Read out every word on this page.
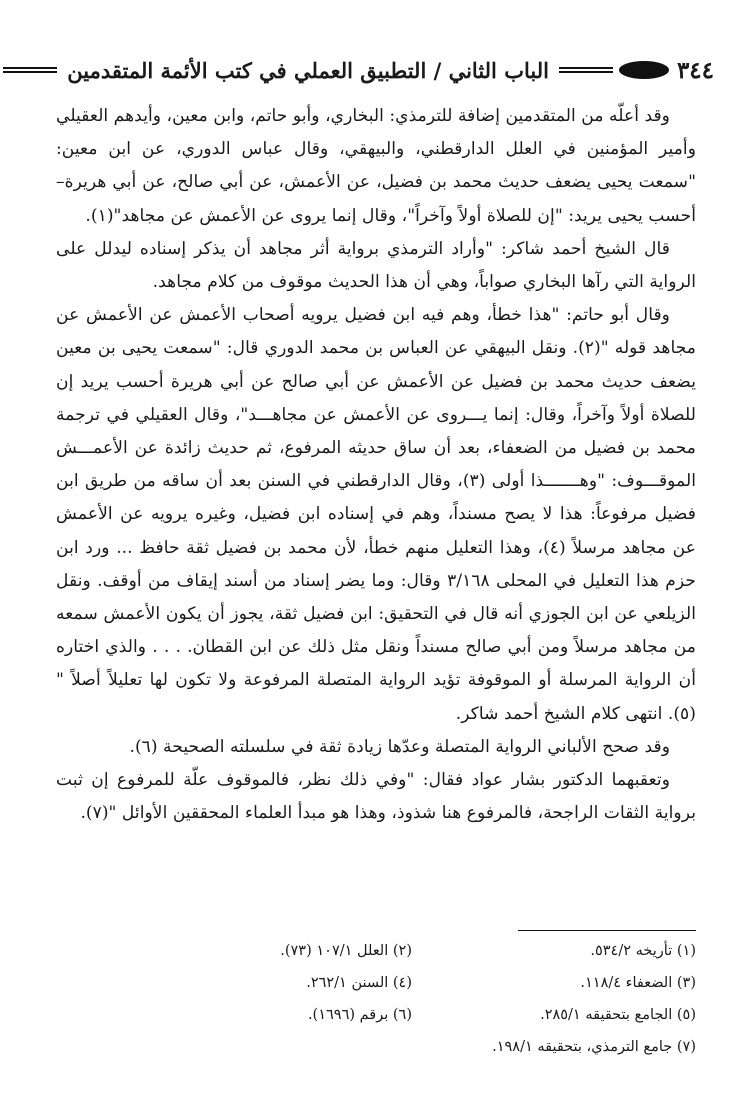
٣٤٤
الباب الثاني / التطبيق العملي في كتب الأئمة المتقدمين

وقد أعلّه من المتقدمين إضافة للترمذي: البخاري، وأبو حاتم، وابن معين، وأيدهم العقيلي وأمير المؤمنين في العلل الدارقطني، والبيهقي، وقال عباس الدوري، عن ابن معين: "سمعت يحيى يضعف حديث محمد بن فضيل، عن الأعمش، عن أبي صالح، عن أبي هريرة– أحسب يحيى يريد: "إن للصلاة أولاً وآخراً"، وقال إنما يروى عن الأعمش عن مجاهد"(١).

قال الشيخ أحمد شاكر: "وأراد الترمذي برواية أثر مجاهد أن يذكر إسناده ليدلل على الرواية التي رآها البخاري صواباً، وهي أن هذا الحديث موقوف من كلام مجاهد.

وقال أبو حاتم: "هذا خطأ، وهم فيه ابن فضيل يرويه أصحاب الأعمش عن الأعمش عن مجاهد قوله "(٢). ونقل البيهقي عن العباس بن محمد الدوري قال: "سمعت يحيى بن معين يضعف حديث محمد بن فضيل عن الأعمش عن أبي صالح عن أبي هريرة أحسب يريد إن للصلاة أولاً وآخراً، وقال: إنما يـــروى عن الأعمش عن مجاهـــد"، وقال العقيلي في ترجمة محمد بن فضيل من الضعفاء، بعد أن ساق حديثه المرفوع، ثم حديث زائدة عن الأعمـــش الموقـــوف: "وهـــــــذا أولى (٣)، وقال الدارقطني في السنن بعد أن ساقه من طريق ابن فضيل مرفوعاً: هذا لا يصح مسنداً، وهم في إسناده ابن فضيل، وغيره يرويه عن الأعمش عن مجاهد مرسلاً (٤)، وهذا التعليل منهم خطأ، لأن محمد بن فضيل ثقة حافظ ... ورد ابن حزم هذا التعليل في المحلى ٣/١٦٨ وقال: وما يضر إسناد من أسند إيقاف من أوقف. ونقل الزيلعي عن ابن الجوزي أنه قال في التحقيق: ابن فضيل ثقة، يجوز أن يكون الأعمش سمعه من مجاهد مرسلاً ومن أبي صالح مسنداً ونقل مثل ذلك عن ابن القطان. . . . والذي اختاره أن الرواية المرسلة أو الموقوفة تؤيد الرواية المتصلة المرفوعة ولا تكون لها تعليلاً أصلاً "(٥). انتهى كلام الشيخ أحمد شاكر.

وقد صحح الألباني الرواية المتصلة وعدّها زيادة ثقة في سلسلته الصحيحة (٦).

وتعقبهما الدكتور بشار عواد فقال: "وفي ذلك نظر، فالموقوف علّة للمرفوع إن ثبت برواية الثقات الراجحة، فالمرفوع هنا شذوذ، وهذا هو مبدأ العلماء المحققين الأوائل "(٧).

(١) تأريخه ٥٣٤/٢.
(٢) العلل ١٠٧/١ (٧٣).
(٣) الضعفاء ١١٨/٤.
(٤) السنن ٢٦٢/١.
(٥) الجامع بتحقيقه ٢٨٥/١.
(٦) برقم (١٦٩٦).
(٧) جامع الترمذي، بتحقيقه ١٩٨/١.
